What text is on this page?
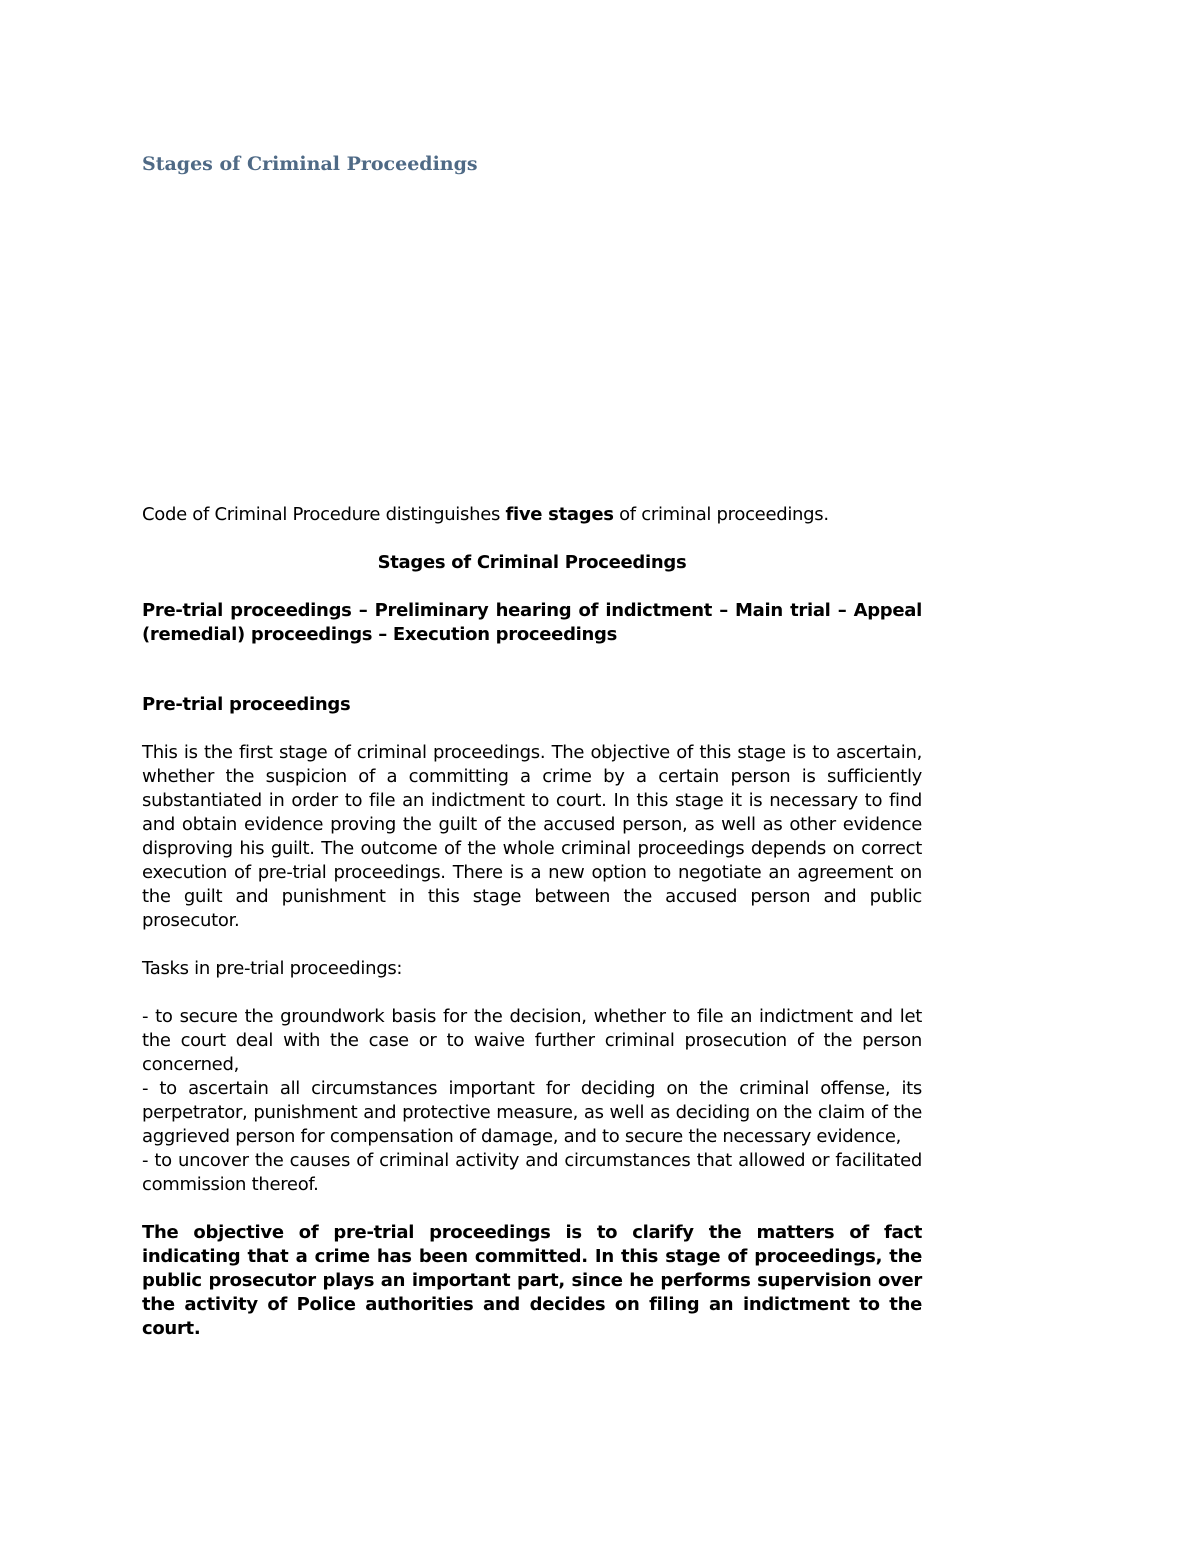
Stages of Criminal Proceedings

Code of Criminal Procedure distinguishes five stages of criminal proceedings.

Stages of Criminal Proceedings

Pre-trial proceedings – Preliminary hearing of indictment – Main trial – Appeal (remedial) proceedings – Execution proceedings

Pre-trial proceedings

This is the first stage of criminal proceedings. The objective of this stage is to ascertain, whether the suspicion of a committing a crime by a certain person is sufficiently substantiated in order to file an indictment to court. In this stage it is necessary to find and obtain evidence proving the guilt of the accused person, as well as other evidence disproving his guilt. The outcome of the whole criminal proceedings depends on correct execution of pre-trial proceedings. There is a new option to negotiate an agreement on the guilt and punishment in this stage between the accused person and public prosecutor.

Tasks in pre-trial proceedings:

- to secure the groundwork basis for the decision, whether to file an indictment and let the court deal with the case or to waive further criminal prosecution of the person concerned,

- to ascertain all circumstances important for deciding on the criminal offense, its perpetrator, punishment and protective measure, as well as deciding on the claim of the aggrieved person for compensation of damage, and to secure the necessary evidence,

- to uncover the causes of criminal activity and circumstances that allowed or facilitated commission thereof.

The objective of pre-trial proceedings is to clarify the matters of fact indicating that a crime has been committed. In this stage of proceedings, the public prosecutor plays an important part, since he performs supervision over the activity of Police authorities and decides on filing an indictment to the court.
